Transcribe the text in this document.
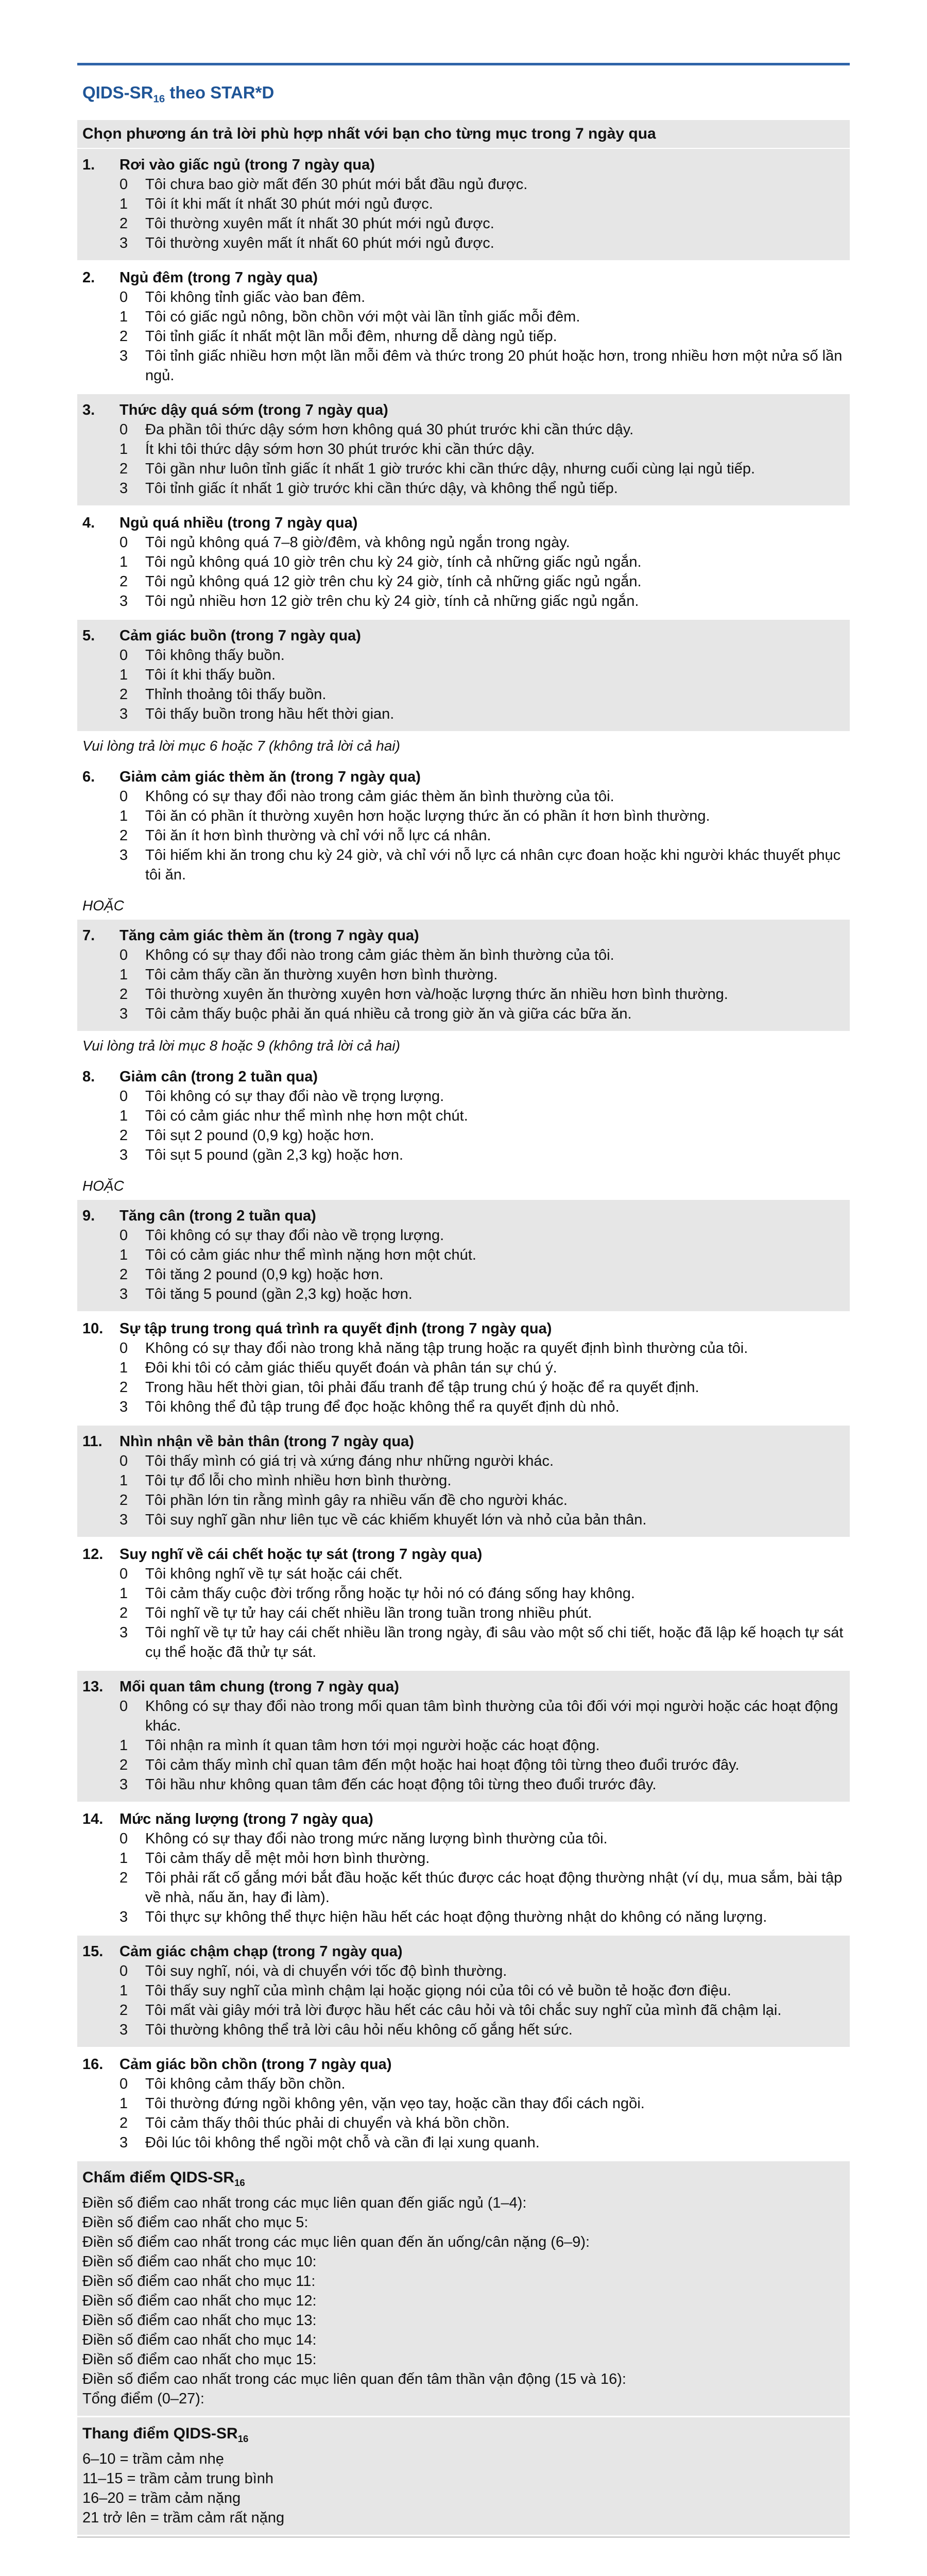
QIDS-$SR_{16}$ theo STAR*D
Chọn phương án trả lời phù hợp nhất với bạn cho từng mục trong 7 ngày qua
1.	Rơi vào giấc ngủ (trong 7 ngày qua)
0	Tôi chưa bao giờ mất đến 30 phút mới bắt đầu ngủ được.
1	Tôi ít khi mất ít nhất 30 phút mới ngủ được.
2	Tôi thường xuyên mất ít nhất 30 phút mới ngủ được.
3	Tôi thường xuyên mất ít nhất 60 phút mới ngủ được.
2.	Ngủ đêm (trong 7 ngày qua)
0	Tôi không tỉnh giấc vào ban đêm.
1	Tôi có giấc ngủ nông, bồn chồn với một vài lần tỉnh giấc mỗi đêm.
2	Tôi tỉnh giấc ít nhất một lần mỗi đêm, nhưng dễ dàng ngủ tiếp.
3	Tôi tỉnh giấc nhiều hơn một lần mỗi đêm và thức trong 20 phút hoặc hơn, trong nhiều hơn một nửa số lần ngủ.
3.	Thức dậy quá sớm (trong 7 ngày qua)
0	Đa phần tôi thức dậy sớm hơn không quá 30 phút trước khi cần thức dậy.
1	Ít khi tôi thức dậy sớm hơn 30 phút trước khi cần thức dậy.
2	Tôi gần như luôn tỉnh giấc ít nhất 1 giờ trước khi cần thức dậy, nhưng cuối cùng lại ngủ tiếp.
3	Tôi tỉnh giấc ít nhất 1 giờ trước khi cần thức dậy, và không thể ngủ tiếp.
4.	Ngủ quá nhiều (trong 7 ngày qua)
0	Tôi ngủ không quá 7–8 giờ/đêm, và không ngủ ngắn trong ngày.
1	Tôi ngủ không quá 10 giờ trên chu kỳ 24 giờ, tính cả những giấc ngủ ngắn.
2	Tôi ngủ không quá 12 giờ trên chu kỳ 24 giờ, tính cả những giấc ngủ ngắn.
3	Tôi ngủ nhiều hơn 12 giờ trên chu kỳ 24 giờ, tính cả những giấc ngủ ngắn.
5.	Cảm giác buồn (trong 7 ngày qua)
0	Tôi không thấy buồn.
1	Tôi ít khi thấy buồn.
2	Thỉnh thoảng tôi thấy buồn.
3	Tôi thấy buồn trong hầu hết thời gian.
Vui lòng trả lời mục 6 hoặc 7 (không trả lời cả hai)
6.	Giảm cảm giác thèm ăn (trong 7 ngày qua)
0	Không có sự thay đổi nào trong cảm giác thèm ăn bình thường của tôi.
1	Tôi ăn có phần ít thường xuyên hơn hoặc lượng thức ăn có phần ít hơn bình thường.
2	Tôi ăn ít hơn bình thường và chỉ với nỗ lực cá nhân.
3	Tôi hiếm khi ăn trong chu kỳ 24 giờ, và chỉ với nỗ lực cá nhân cực đoan hoặc khi người khác thuyết phục tôi ăn.
HOẶC
7.	Tăng cảm giác thèm ăn (trong 7 ngày qua)
0	Không có sự thay đổi nào trong cảm giác thèm ăn bình thường của tôi.
1	Tôi cảm thấy cần ăn thường xuyên hơn bình thường.
2	Tôi thường xuyên ăn thường xuyên hơn và/hoặc lượng thức ăn nhiều hơn bình thường.
3	Tôi cảm thấy buộc phải ăn quá nhiều cả trong giờ ăn và giữa các bữa ăn.
Vui lòng trả lời mục 8 hoặc 9 (không trả lời cả hai)
8.	Giảm cân (trong 2 tuần qua)
0	Tôi không có sự thay đổi nào về trọng lượng.
1	Tôi có cảm giác như thể mình nhẹ hơn một chút.
2	Tôi sụt 2 pound (0,9 kg) hoặc hơn.
3	Tôi sụt 5 pound (gần 2,3 kg) hoặc hơn.
HOẶC
9.	Tăng cân (trong 2 tuần qua)
0	Tôi không có sự thay đổi nào về trọng lượng.
1	Tôi có cảm giác như thể mình nặng hơn một chút.
2	Tôi tăng 2 pound (0,9 kg) hoặc hơn.
3	Tôi tăng 5 pound (gần 2,3 kg) hoặc hơn.
10.	Sự tập trung trong quá trình ra quyết định (trong 7 ngày qua)
0	Không có sự thay đổi nào trong khả năng tập trung hoặc ra quyết định bình thường của tôi.
1	Đôi khi tôi có cảm giác thiếu quyết đoán và phân tán sự chú ý.
2	Trong hầu hết thời gian, tôi phải đấu tranh để tập trung chú ý hoặc để ra quyết định.
3	Tôi không thể đủ tập trung để đọc hoặc không thể ra quyết định dù nhỏ.
11.	Nhìn nhận về bản thân (trong 7 ngày qua)
0	Tôi thấy mình có giá trị và xứng đáng như những người khác.
1	Tôi tự đổ lỗi cho mình nhiều hơn bình thường.
2	Tôi phần lớn tin rằng mình gây ra nhiều vấn đề cho người khác.
3	Tôi suy nghĩ gần như liên tục về các khiếm khuyết lớn và nhỏ của bản thân.
12.	Suy nghĩ về cái chết hoặc tự sát (trong 7 ngày qua)
0	Tôi không nghĩ về tự sát hoặc cái chết.
1	Tôi cảm thấy cuộc đời trống rỗng hoặc tự hỏi nó có đáng sống hay không.
2	Tôi nghĩ về tự tử hay cái chết nhiều lần trong tuần trong nhiều phút.
3	Tôi nghĩ về tự tử hay cái chết nhiều lần trong ngày, đi sâu vào một số chi tiết, hoặc đã lập kế hoạch tự sát cụ thể hoặc đã thử tự sát.
13.	Mối quan tâm chung (trong 7 ngày qua)
0	Không có sự thay đổi nào trong mối quan tâm bình thường của tôi đối với mọi người hoặc các hoạt động khác.
1	Tôi nhận ra mình ít quan tâm hơn tới mọi người hoặc các hoạt động.
2	Tôi cảm thấy mình chỉ quan tâm đến một hoặc hai hoạt động tôi từng theo đuổi trước đây.
3	Tôi hầu như không quan tâm đến các hoạt động tôi từng theo đuổi trước đây.
14.	Mức năng lượng (trong 7 ngày qua)
0	Không có sự thay đổi nào trong mức năng lượng bình thường của tôi.
1	Tôi cảm thấy dễ mệt mỏi hơn bình thường.
2	Tôi phải rất cố gắng mới bắt đầu hoặc kết thúc được các hoạt động thường nhật (ví dụ, mua sắm, bài tập về nhà, nấu ăn, hay đi làm).
3	Tôi thực sự không thể thực hiện hầu hết các hoạt động thường nhật do không có năng lượng.
15.	Cảm giác chậm chạp (trong 7 ngày qua)
0	Tôi suy nghĩ, nói, và di chuyển với tốc độ bình thường.
1	Tôi thấy suy nghĩ của mình chậm lại hoặc giọng nói của tôi có vẻ buồn tẻ hoặc đơn điệu.
2	Tôi mất vài giây mới trả lời được hầu hết các câu hỏi và tôi chắc suy nghĩ của mình đã chậm lại.
3	Tôi thường không thể trả lời câu hỏi nếu không cố gắng hết sức.
16.	Cảm giác bồn chồn (trong 7 ngày qua)
0	Tôi không cảm thấy bồn chồn.
1	Tôi thường đứng ngồi không yên, vặn vẹo tay, hoặc cần thay đổi cách ngồi.
2	Tôi cảm thấy thôi thúc phải di chuyển và khá bồn chồn.
3	Đôi lúc tôi không thể ngồi một chỗ và cần đi lại xung quanh.
Chấm điểm QIDS-$SR_{16}$
Điền số điểm cao nhất trong các mục liên quan đến giấc ngủ (1–4):
Điền số điểm cao nhất cho mục 5:
Điền số điểm cao nhất trong các mục liên quan đến ăn uống/cân nặng (6–9):
Điền số điểm cao nhất cho mục 10:
Điền số điểm cao nhất cho mục 11:
Điền số điểm cao nhất cho mục 12:
Điền số điểm cao nhất cho mục 13:
Điền số điểm cao nhất cho mục 14:
Điền số điểm cao nhất cho mục 15:
Điền số điểm cao nhất trong các mục liên quan đến tâm thần vận động (15 và 16):
Tổng điểm (0–27):
Thang điểm QIDS-$SR_{16}$
6–10 = trầm cảm nhẹ
11–15 = trầm cảm trung bình
16–20 = trầm cảm nặng
21 trở lên = trầm cảm rất nặng
